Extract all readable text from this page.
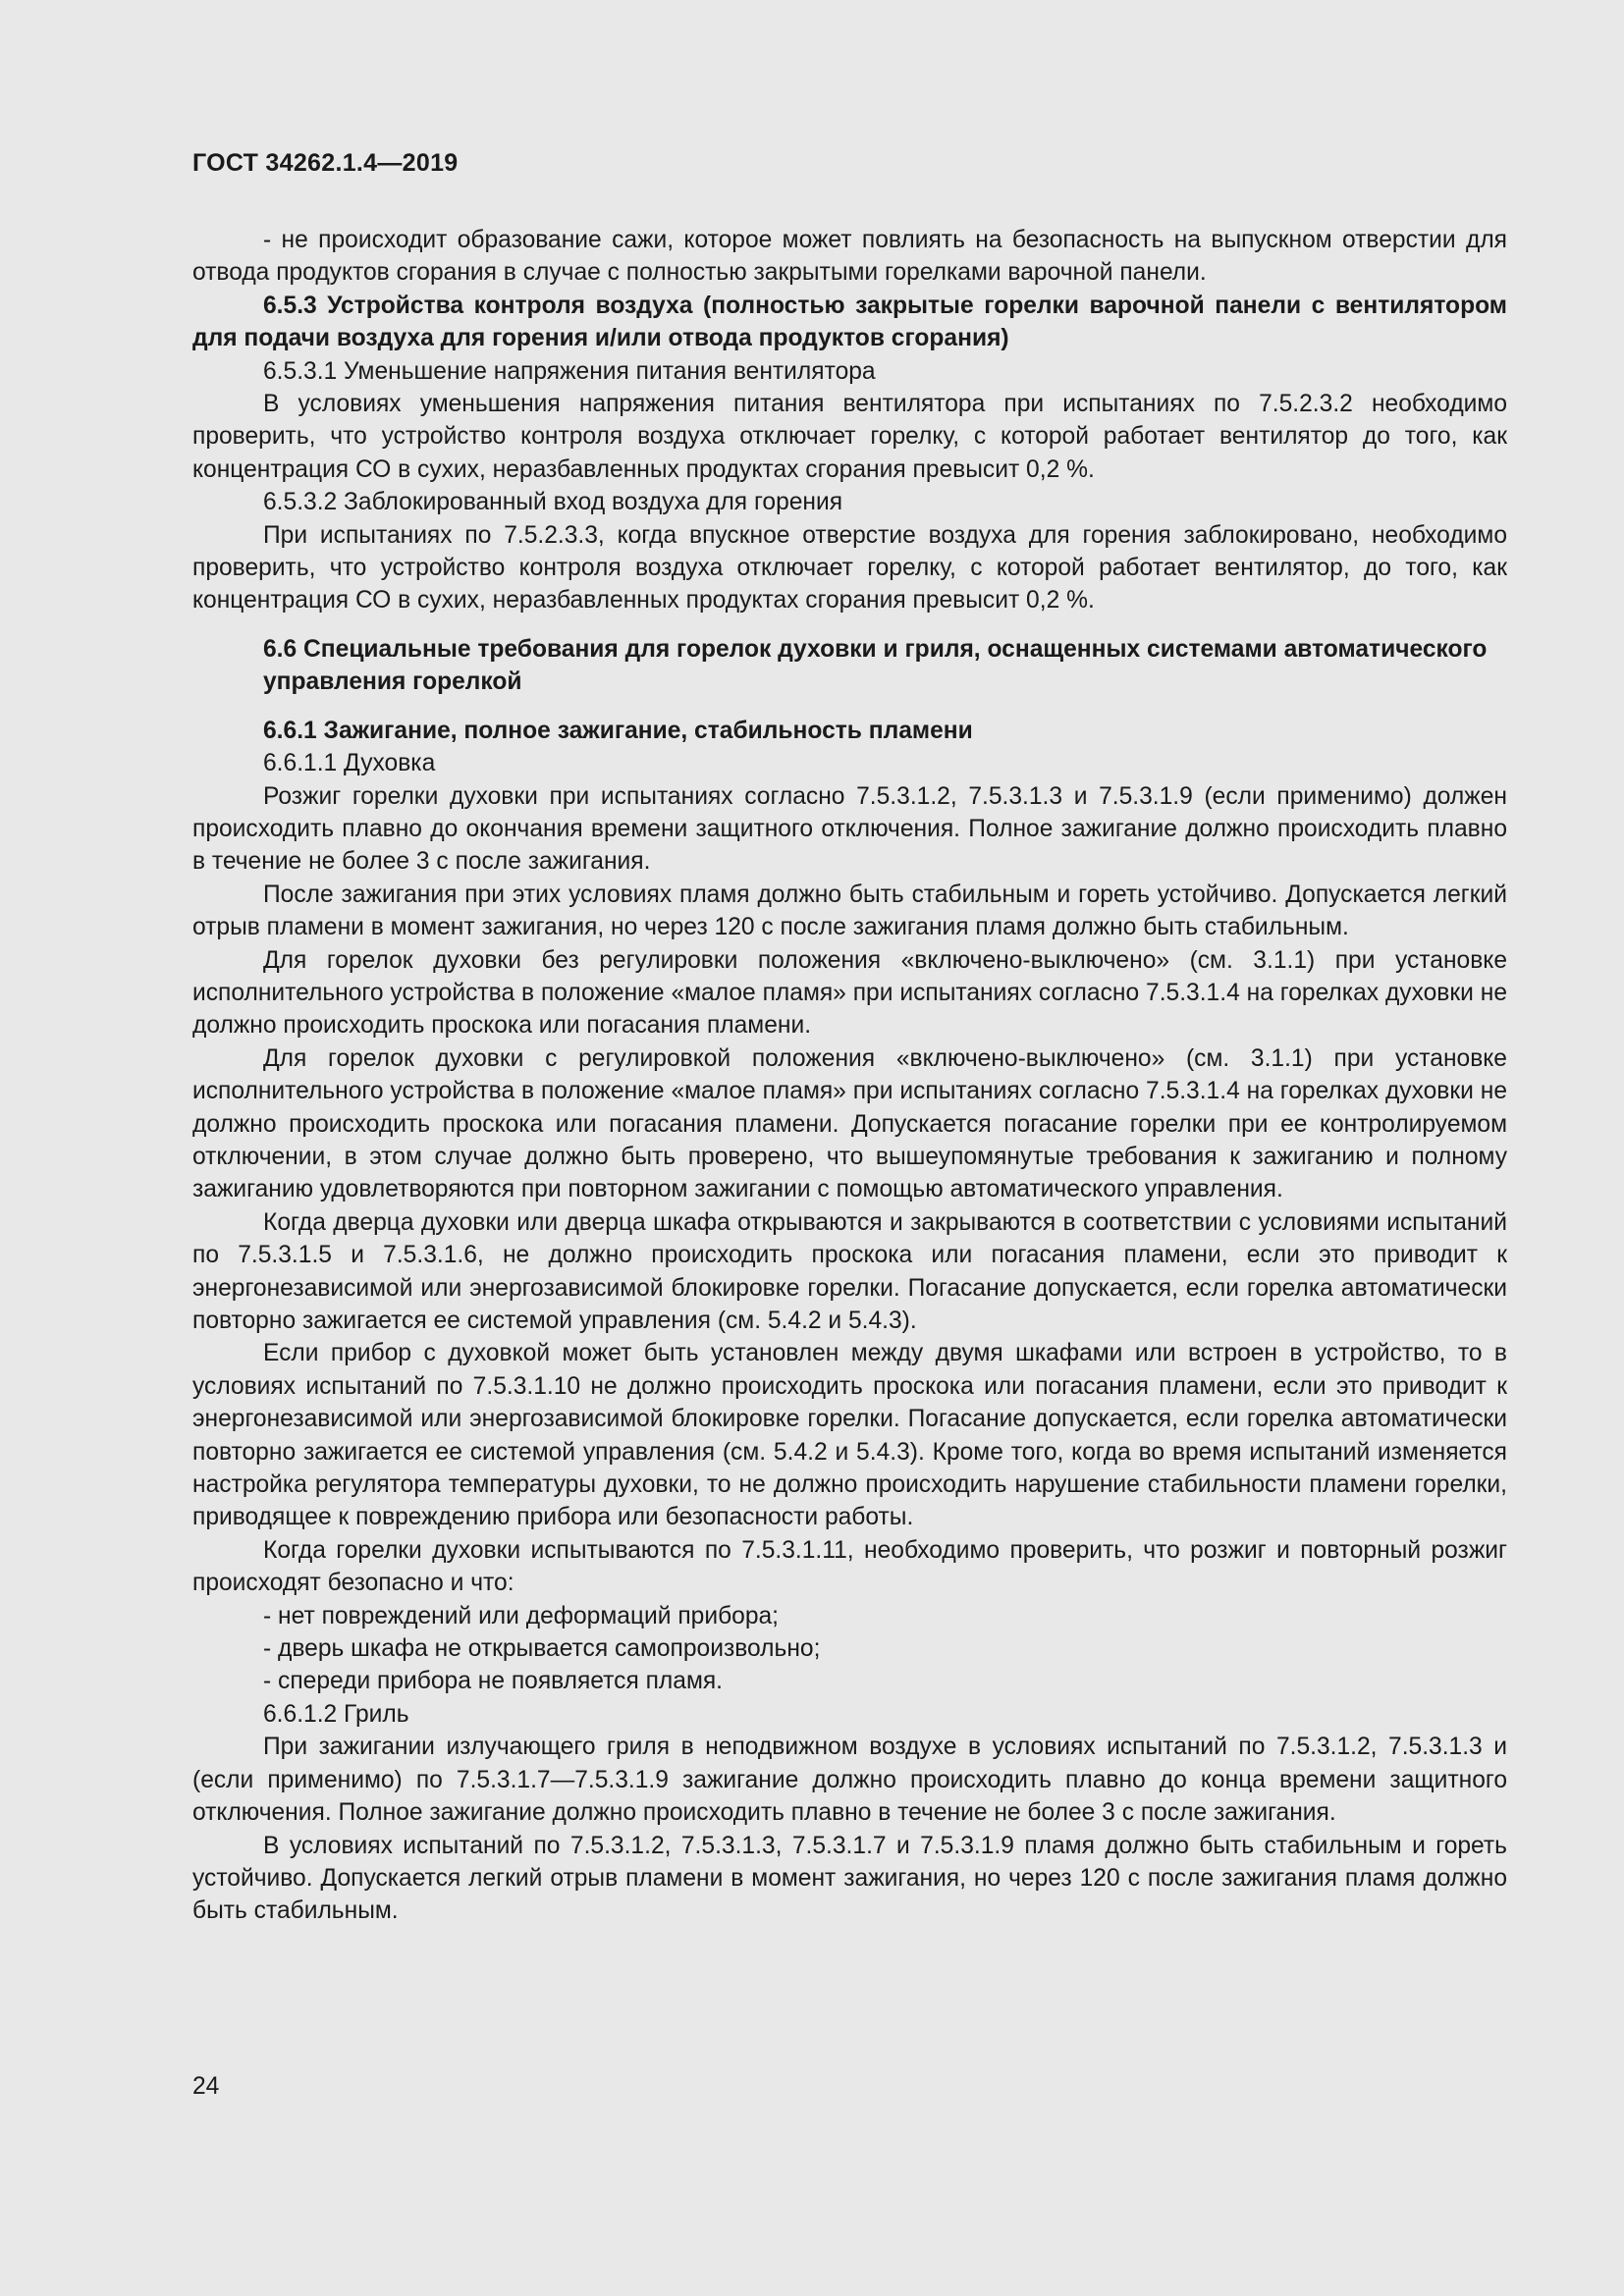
ГОСТ 34262.1.4—2019

- не происходит образование сажи, которое может повлиять на безопасность на выпускном отверстии для отвода продуктов сгорания в случае с полностью закрытыми горелками варочной панели.

6.5.3 Устройства контроля воздуха (полностью закрытые горелки варочной панели с вентилятором для подачи воздуха для горения и/или отвода продуктов сгорания)

6.5.3.1 Уменьшение напряжения питания вентилятора

В условиях уменьшения напряжения питания вентилятора при испытаниях по 7.5.2.3.2 необходимо проверить, что устройство контроля воздуха отключает горелку, с которой работает вентилятор до того, как концентрация СО в сухих, неразбавленных продуктах сгорания превысит 0,2 %.

6.5.3.2 Заблокированный вход воздуха для горения

При испытаниях по 7.5.2.3.3, когда впускное отверстие воздуха для горения заблокировано, необходимо проверить, что устройство контроля воздуха отключает горелку, с которой работает вентилятор, до того, как концентрация СО в сухих, неразбавленных продуктах сгорания превысит 0,2 %.

6.6 Специальные требования для горелок духовки и гриля, оснащенных системами автоматического управления горелкой

6.6.1 Зажигание, полное зажигание, стабильность пламени

6.6.1.1 Духовка

Розжиг горелки духовки при испытаниях согласно 7.5.3.1.2, 7.5.3.1.3 и 7.5.3.1.9 (если применимо) должен происходить плавно до окончания времени защитного отключения. Полное зажигание должно происходить плавно в течение не более 3 с после зажигания.

После зажигания при этих условиях пламя должно быть стабильным и гореть устойчиво. Допускается легкий отрыв пламени в момент зажигания, но через 120 с после зажигания пламя должно быть стабильным.

Для горелок духовки без регулировки положения «включено-выключено» (см. 3.1.1) при установке исполнительного устройства в положение «малое пламя» при испытаниях согласно 7.5.3.1.4 на горелках духовки не должно происходить проскока или погасания пламени.

Для горелок духовки с регулировкой положения «включено-выключено» (см. 3.1.1) при установке исполнительного устройства в положение «малое пламя» при испытаниях согласно 7.5.3.1.4 на горелках духовки не должно происходить проскока или погасания пламени. Допускается погасание горелки при ее контролируемом отключении, в этом случае должно быть проверено, что вышеупомянутые требования к зажиганию и полному зажиганию удовлетворяются при повторном зажигании с помощью автоматического управления.

Когда дверца духовки или дверца шкафа открываются и закрываются в соответствии с условиями испытаний по 7.5.3.1.5 и 7.5.3.1.6, не должно происходить проскока или погасания пламени, если это приводит к энергонезависимой или энергозависимой блокировке горелки. Погасание допускается, если горелка автоматически повторно зажигается ее системой управления (см. 5.4.2 и 5.4.3).

Если прибор с духовкой может быть установлен между двумя шкафами или встроен в устройство, то в условиях испытаний по 7.5.3.1.10 не должно происходить проскока или погасания пламени, если это приводит к энергонезависимой или энергозависимой блокировке горелки. Погасание допускается, если горелка автоматически повторно зажигается ее системой управления (см. 5.4.2 и 5.4.3). Кроме того, когда во время испытаний изменяется настройка регулятора температуры духовки, то не должно происходить нарушение стабильности пламени горелки, приводящее к повреждению прибора или безопасности работы.

Когда горелки духовки испытываются по 7.5.3.1.11, необходимо проверить, что розжиг и повторный розжиг происходят безопасно и что:

- нет повреждений или деформаций прибора;

- дверь шкафа не открывается самопроизвольно;

- спереди прибора не появляется пламя.

6.6.1.2 Гриль

При зажигании излучающего гриля в неподвижном воздухе в условиях испытаний по 7.5.3.1.2, 7.5.3.1.3 и (если применимо) по 7.5.3.1.7—7.5.3.1.9 зажигание должно происходить плавно до конца времени защитного отключения. Полное зажигание должно происходить плавно в течение не более 3 с после зажигания.

В условиях испытаний по 7.5.3.1.2, 7.5.3.1.3, 7.5.3.1.7 и 7.5.3.1.9 пламя должно быть стабильным и гореть устойчиво. Допускается легкий отрыв пламени в момент зажигания, но через 120 с после зажигания пламя должно быть стабильным.

24
